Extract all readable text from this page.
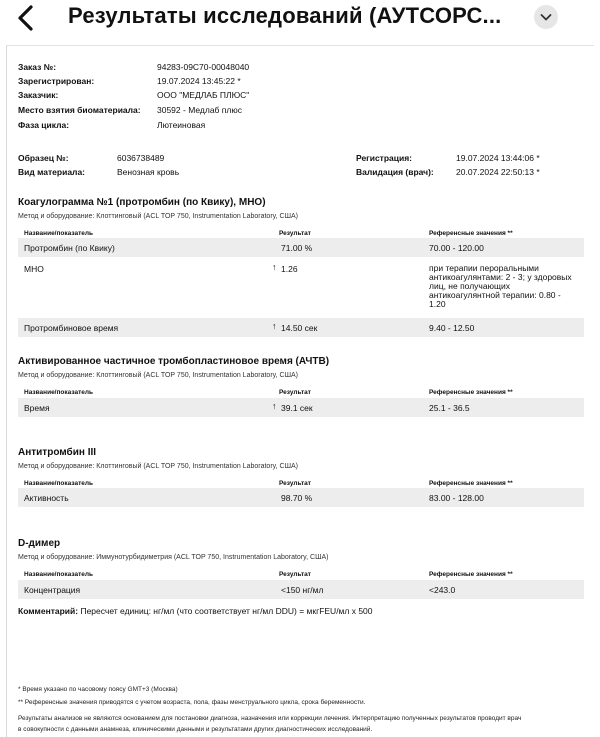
Результаты исследований (АУТСОРС...
Заказ №:	94283-09C70-00048040
Зарегистрирован:	19.07.2024 13:45:22 *
Заказчик:	ООО "МЕДЛАБ ПЛЮС"
Место взятия биоматериала: 30592 - Медлаб плюс
Фаза цикла:	Лютеиновая
Образец №:	6036738489
Вид материала:	Венозная кровь
Регистрация:	19.07.2024 13:44:06 *
Валидация (врач):	20.07.2024 22:50:13 *
Коагулограмма №1 (протромбин (по Квику), МНО)
Метод и оборудование: Клоттинговый (ACL TOP 750, Instrumentation Laboratory, США)
Название/показатель	Результат	Референсные значения **
Протромбин (по Квику)	71.00 %	70.00 - 120.00
МНО	↑ 1.26	при терапии пероральными антикоагулянтами: 2 - 3; у здоровых лиц, не получающих антикоагулянтной терапии: 0.80 - 1.20
Протромбиновое время	↑ 14.50 сек	9.40 - 12.50
Активированное частичное тромбопластиновое время (АЧТВ)
Метод и оборудование: Клоттинговый (ACL TOP 750, Instrumentation Laboratory, США)
Название/показатель	Результат	Референсные значения **
Время	↑ 39.1 сек	25.1 - 36.5
Антитромбин III
Метод и оборудование: Клоттинговый (ACL TOP 750, Instrumentation Laboratory, США)
Название/показатель	Результат	Референсные значения **
Активность	98.70 %	83.00 - 128.00
D-димер
Метод и оборудование: Иммунотурбидиметрия (ACL TOP 750, Instrumentation Laboratory, США)
Название/показатель	Результат	Референсные значения **
Концентрация	<150 нг/мл	<243.0
Комментарий: Пересчет единиц: нг/мл (что соответствует нг/мл DDU) = мкгFEU/мл х 500
* Время указано по часовому поясу GMT+3 (Москва)
** Референсные значения приводятся с учетом возраста, пола, фазы менструального цикла, срока беременности.
Результаты анализов не являются основанием для постановки диагноза, назначения или коррекции лечения. Интерпретацию полученных результатов проводит врач
в совокупности с данными анамнеза, клиническими данными и результатами других диагностических исследований.
